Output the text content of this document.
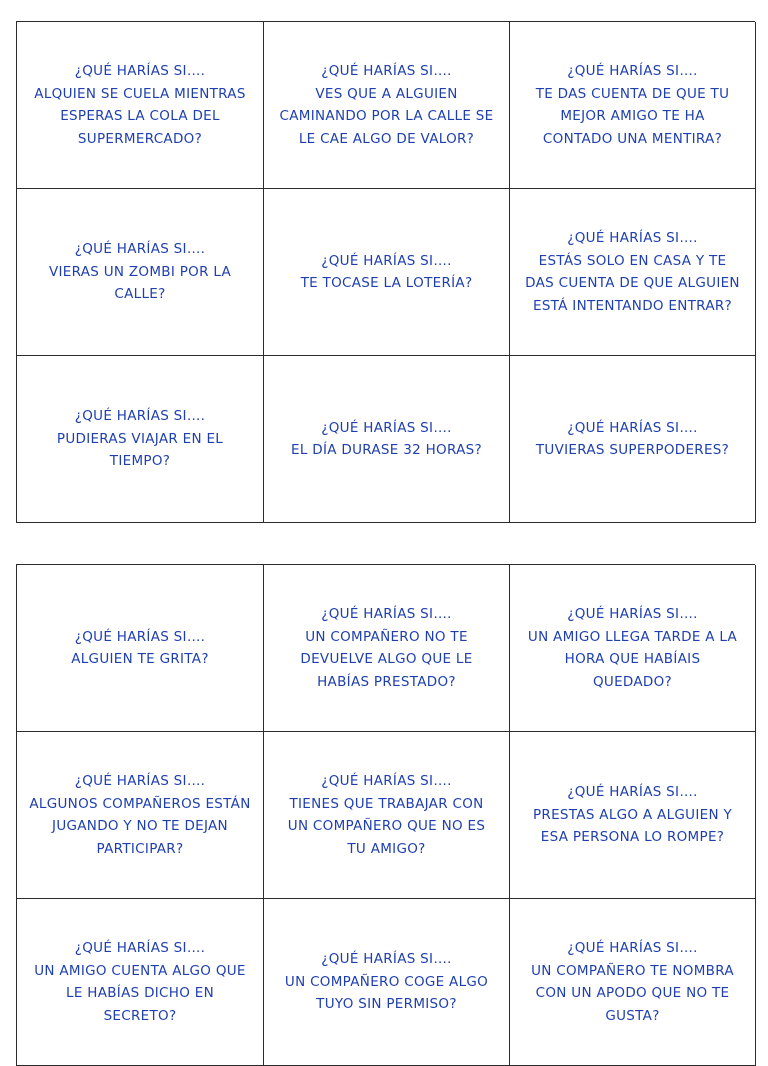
¿QUÉ HARÍAS SI….
ALQUIEN SE CUELA MIENTRAS
ESPERAS LA COLA DEL
SUPERMERCADO?
¿QUÉ HARÍAS SI….
VES QUE A ALGUIEN
CAMINANDO POR LA CALLE SE
LE CAE ALGO DE VALOR?
¿QUÉ HARÍAS SI….
TE DAS CUENTA DE QUE TU
MEJOR AMIGO TE HA
CONTADO UNA MENTIRA?
¿QUÉ HARÍAS SI….
VIERAS UN ZOMBI POR LA
CALLE?
¿QUÉ HARÍAS SI….
TE TOCASE LA LOTERÍA?
¿QUÉ HARÍAS SI….
ESTÁS SOLO EN CASA Y TE
DAS CUENTA DE QUE ALGUIEN
ESTÁ INTENTANDO ENTRAR?
¿QUÉ HARÍAS SI….
PUDIERAS VIAJAR EN EL
TIEMPO?
¿QUÉ HARÍAS SI….
EL DÍA DURASE 32 HORAS?
¿QUÉ HARÍAS SI….
TUVIERAS SUPERPODERES?
¿QUÉ HARÍAS SI….
ALGUIEN TE GRITA?
¿QUÉ HARÍAS SI….
UN COMPAÑERO NO TE
DEVUELVE ALGO QUE LE
HABÍAS PRESTADO?
¿QUÉ HARÍAS SI….
UN AMIGO LLEGA TARDE A LA
HORA QUE HABÍAIS
QUEDADO?
¿QUÉ HARÍAS SI….
ALGUNOS COMPAÑEROS ESTÁN
JUGANDO Y NO TE DEJAN
PARTICIPAR?
¿QUÉ HARÍAS SI….
TIENES QUE TRABAJAR CON
UN COMPAÑERO QUE NO ES
TU AMIGO?
¿QUÉ HARÍAS SI….
PRESTAS ALGO A ALGUIEN Y
ESA PERSONA LO ROMPE?
¿QUÉ HARÍAS SI….
UN AMIGO CUENTA ALGO QUE
LE HABÍAS DICHO EN
SECRETO?
¿QUÉ HARÍAS SI….
UN COMPAÑERO COGE ALGO
TUYO SIN PERMISO?
¿QUÉ HARÍAS SI….
UN COMPAÑERO TE NOMBRA
CON UN APODO QUE NO TE
GUSTA?
